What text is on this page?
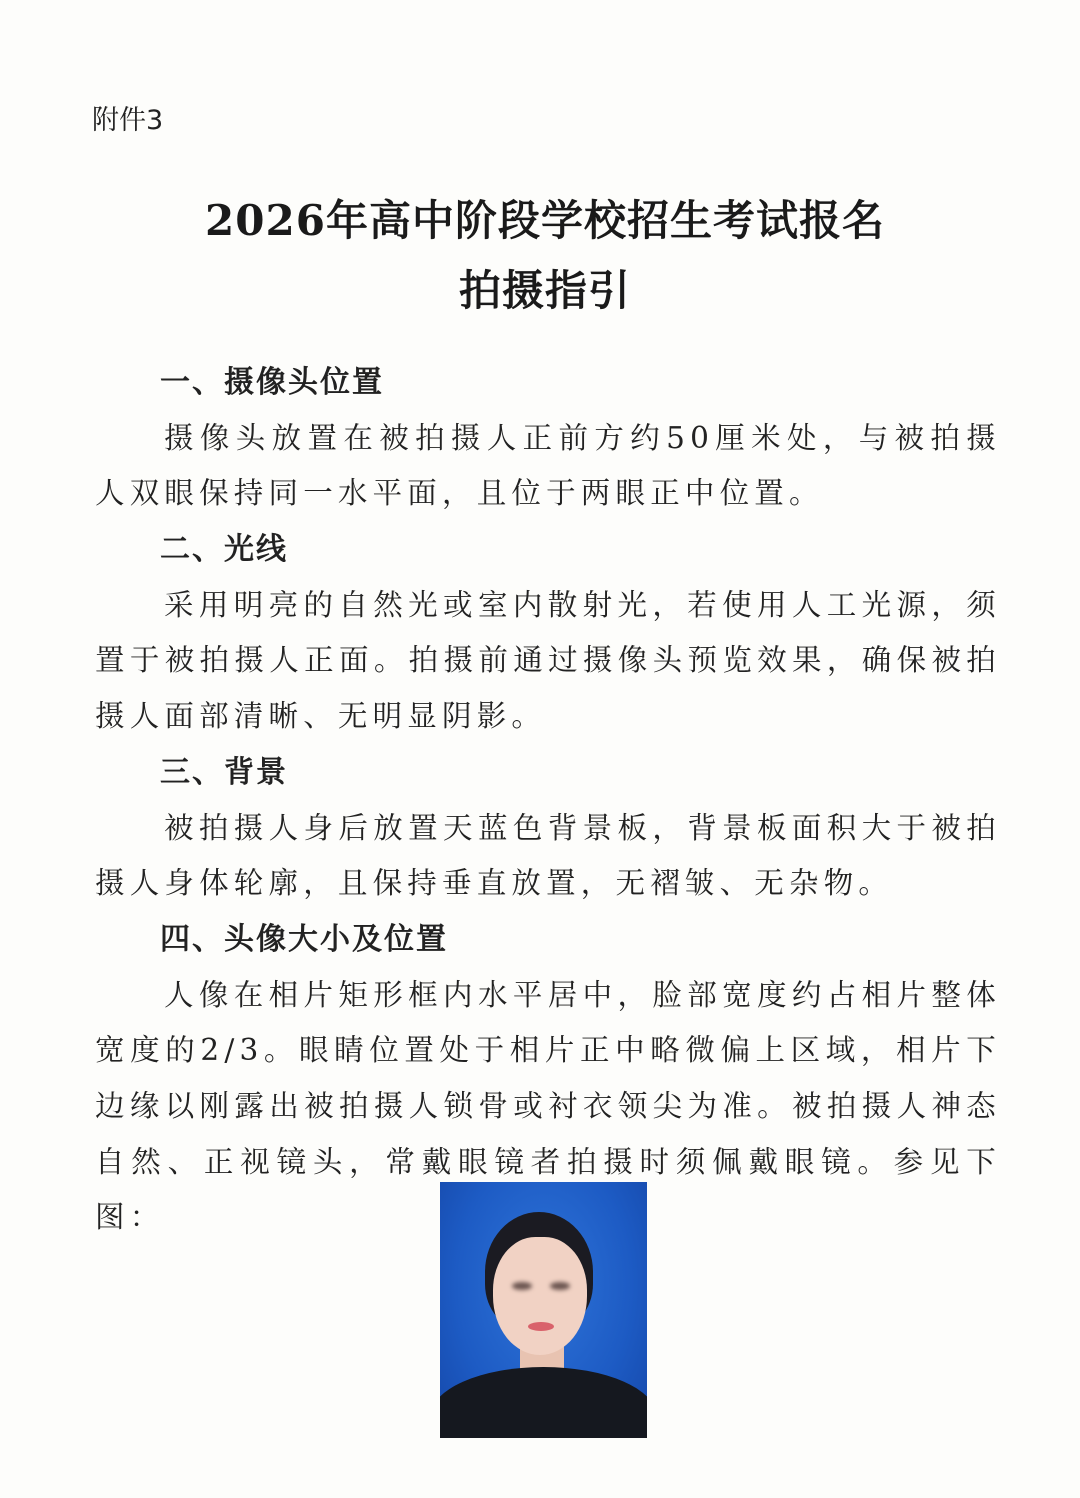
附件3
2026年高中阶段学校招生考试报名
拍摄指引
一、摄像头位置

摄像头放置在被拍摄人正前方约50厘米处，与被拍摄人双眼保持同一水平面，且位于两眼正中位置。

二、光线

采用明亮的自然光或室内散射光，若使用人工光源，须置于被拍摄人正面。拍摄前通过摄像头预览效果，确保被拍摄人面部清晰、无明显阴影。

三、背景

被拍摄人身后放置天蓝色背景板，背景板面积大于被拍摄人身体轮廓，且保持垂直放置，无褶皱、无杂物。

四、头像大小及位置

人像在相片矩形框内水平居中，脸部宽度约占相片整体宽度的2/3。眼睛位置处于相片正中略微偏上区域，相片下边缘以刚露出被拍摄人锁骨或衬衣领尖为准。被拍摄人神态自然、正视镜头，常戴眼镜者拍摄时须佩戴眼镜。参见下图：
